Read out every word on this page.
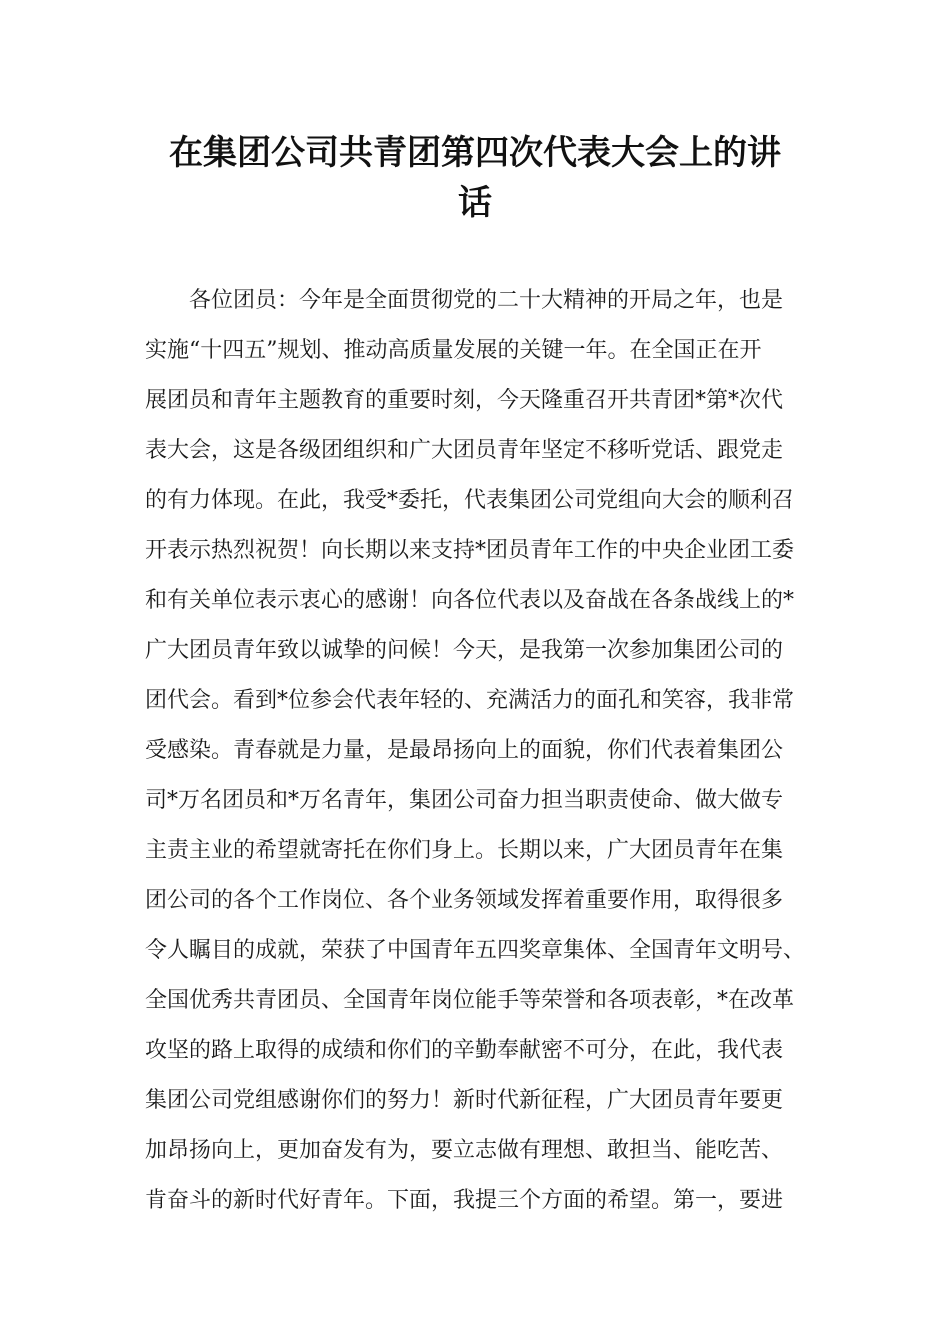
在集团公司共青团第四次代表大会上的讲
话
各位团员：今年是全面贯彻党的二十大精神的开局之年，也是
实施“十四五”规划、推动高质量发展的关键一年。在全国正在开
展团员和青年主题教育的重要时刻，今天隆重召开共青团*第*次代
表大会，这是各级团组织和广大团员青年坚定不移听党话、跟党走
的有力体现。在此，我受*委托，代表集团公司党组向大会的顺利召
开表示热烈祝贺！向长期以来支持*团员青年工作的中央企业团工委
和有关单位表示衷心的感谢！向各位代表以及奋战在各条战线上的*
广大团员青年致以诚挚的问候！今天，是我第一次参加集团公司的
团代会。看到*位参会代表年轻的、充满活力的面孔和笑容，我非常
受感染。青春就是力量，是最昂扬向上的面貌，你们代表着集团公
司*万名团员和*万名青年，集团公司奋力担当职责使命、做大做专
主责主业的希望就寄托在你们身上。长期以来，广大团员青年在集
团公司的各个工作岗位、各个业务领域发挥着重要作用，取得很多
令人瞩目的成就，荣获了中国青年五四奖章集体、全国青年文明号、
全国优秀共青团员、全国青年岗位能手等荣誉和各项表彰，*在改革
攻坚的路上取得的成绩和你们的辛勤奉献密不可分，在此，我代表
集团公司党组感谢你们的努力！新时代新征程，广大团员青年要更
加昂扬向上，更加奋发有为，要立志做有理想、敢担当、能吃苦、
肯奋斗的新时代好青年。下面，我提三个方面的希望。第一，要进
